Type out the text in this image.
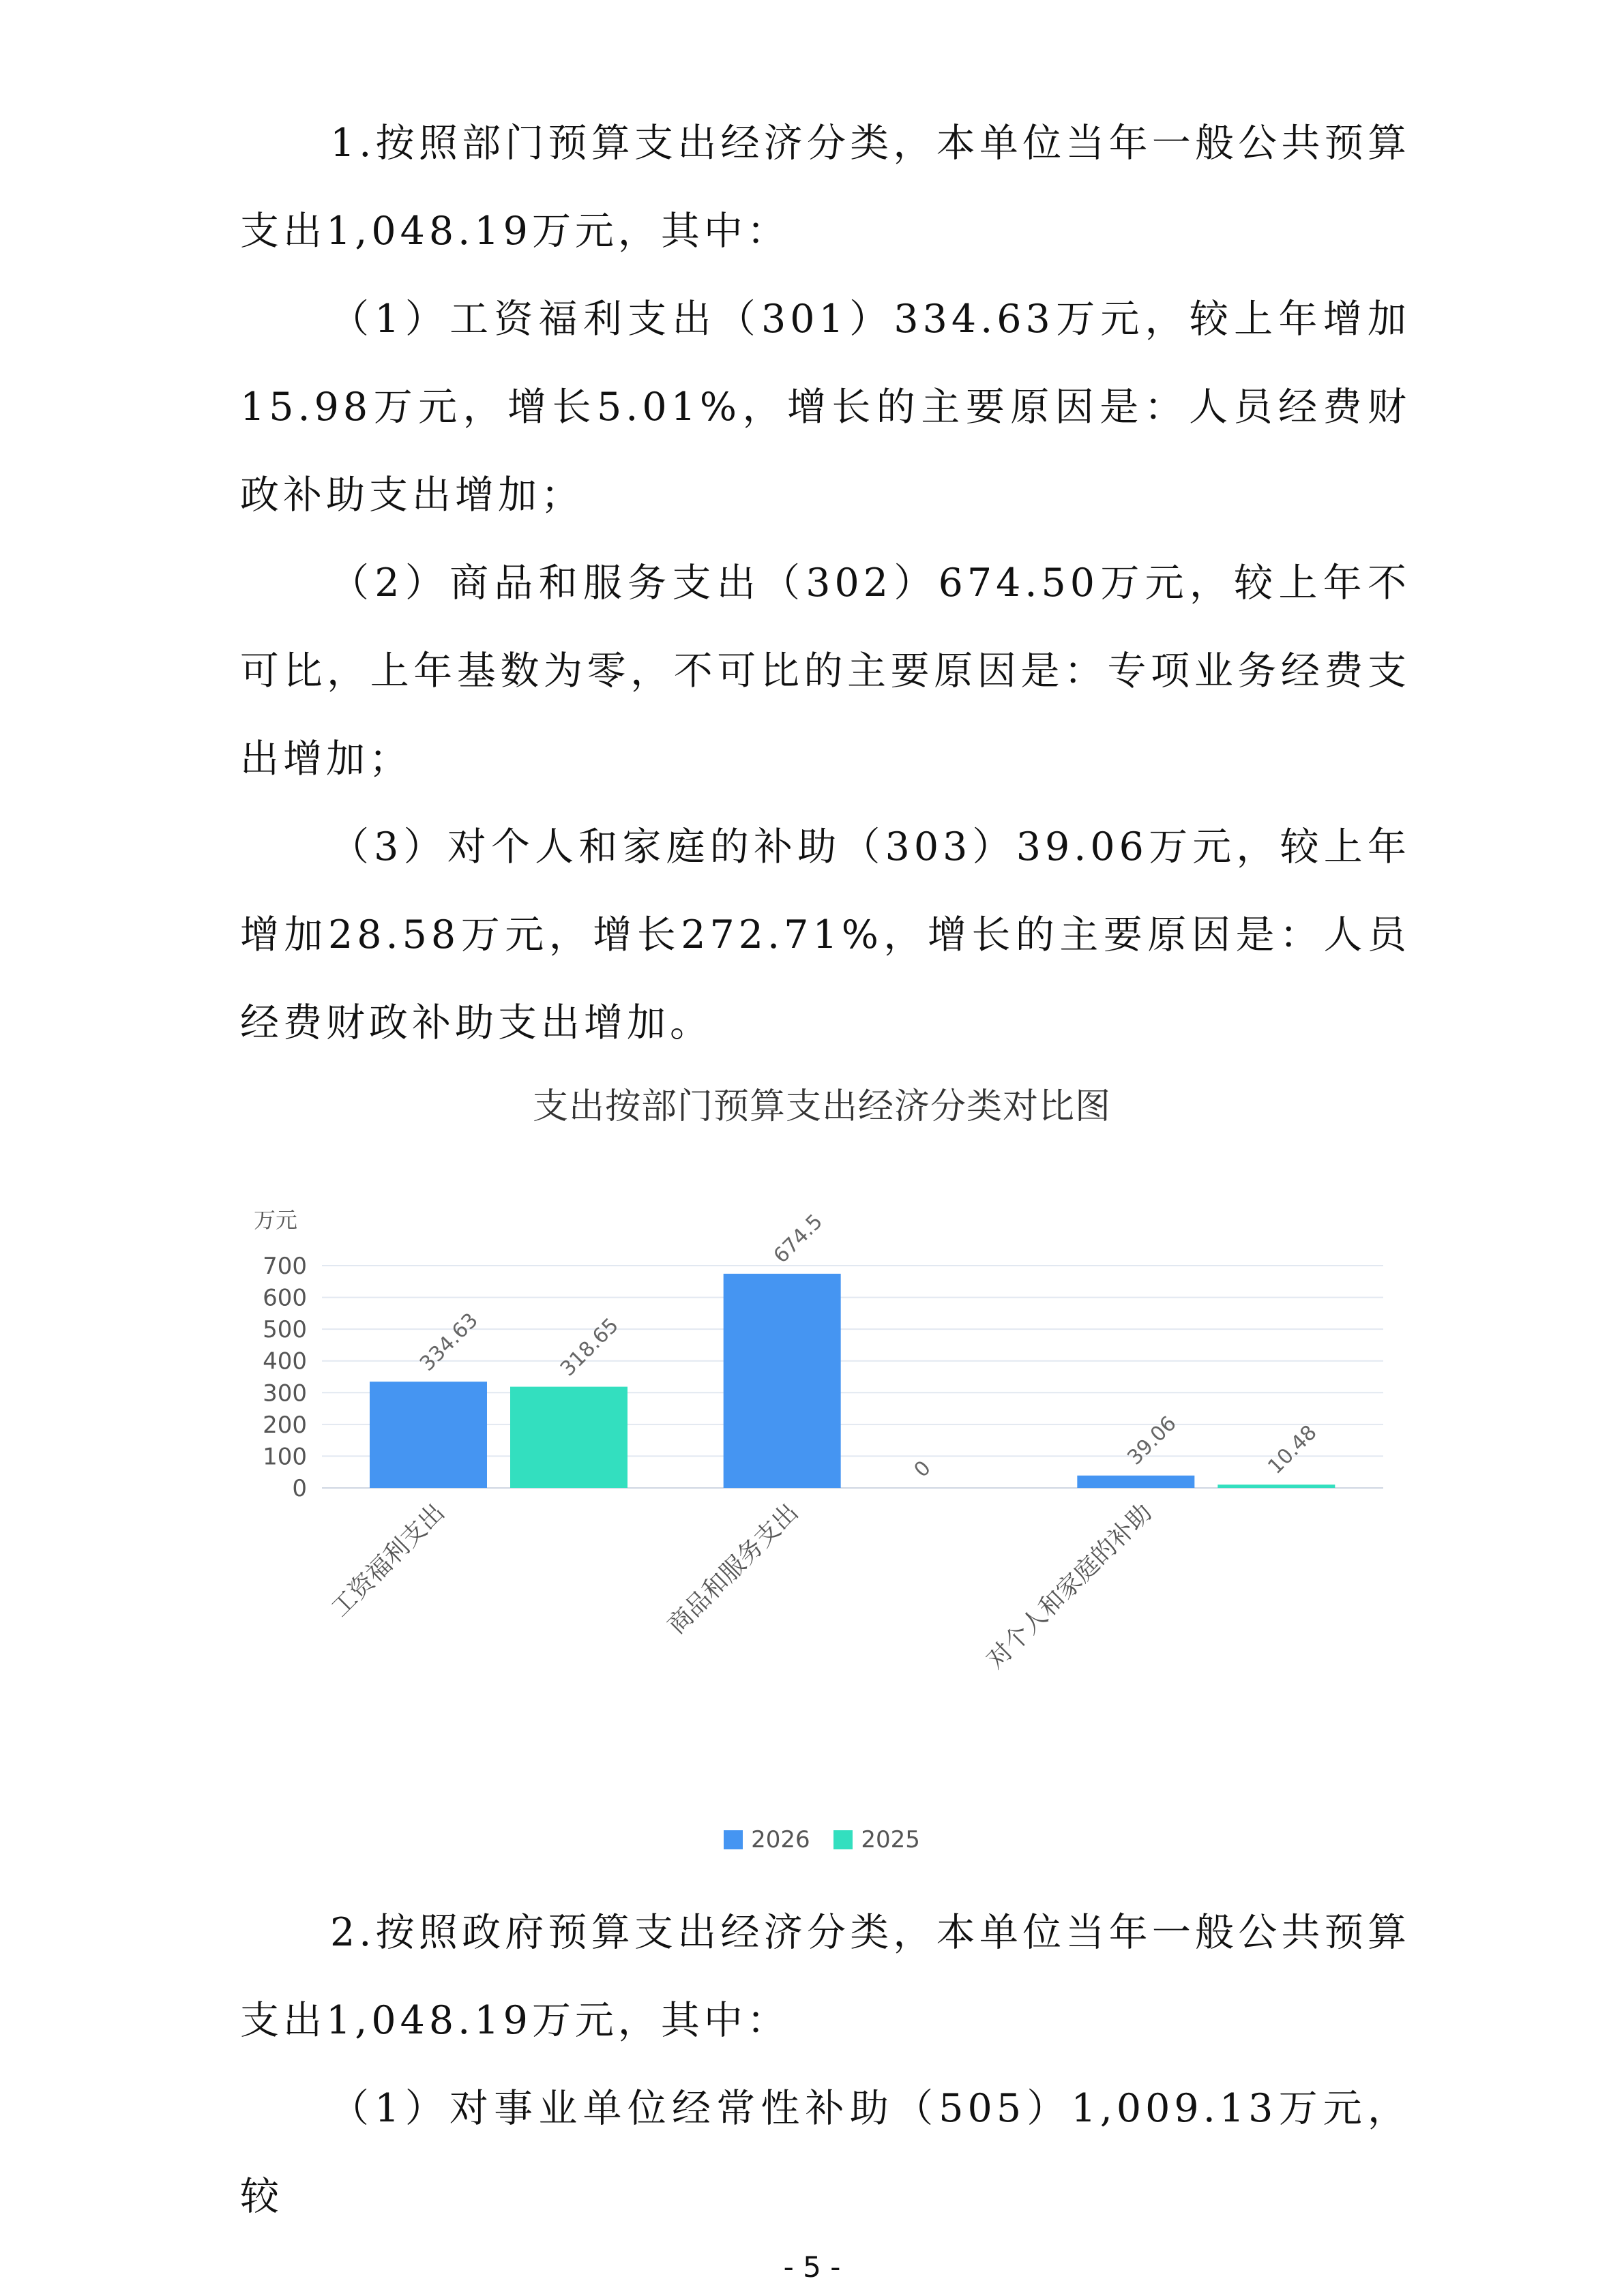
1.按照部门预算支出经济分类，本单位当年一般公共预算支出1,048.19万元，其中：

（1）工资福利支出（301）334.63万元，较上年增加15.98万元，增长5.01%，增长的主要原因是：人员经费财政补助支出增加；

（2）商品和服务支出（302）674.50万元，较上年不可比，上年基数为零，不可比的主要原因是：专项业务经费支出增加；

（3）对个人和家庭的补助（303）39.06万元，较上年增加28.58万元，增长272.71%，增长的主要原因是：人员经费财政补助支出增加。

支出按部门预算支出经济分类对比图
万元
0
100
200
300
400
500
600
700
334.63	318.65
工资福利支出
674.5
0
商品和服务支出
39.06	10.48
对个人和家庭的补助
2026
2025

2.按照政府预算支出经济分类，本单位当年一般公共预算支出1,048.19万元，其中：

（1）对事业单位经常性补助（505）1,009.13万元，较

- 5 -
